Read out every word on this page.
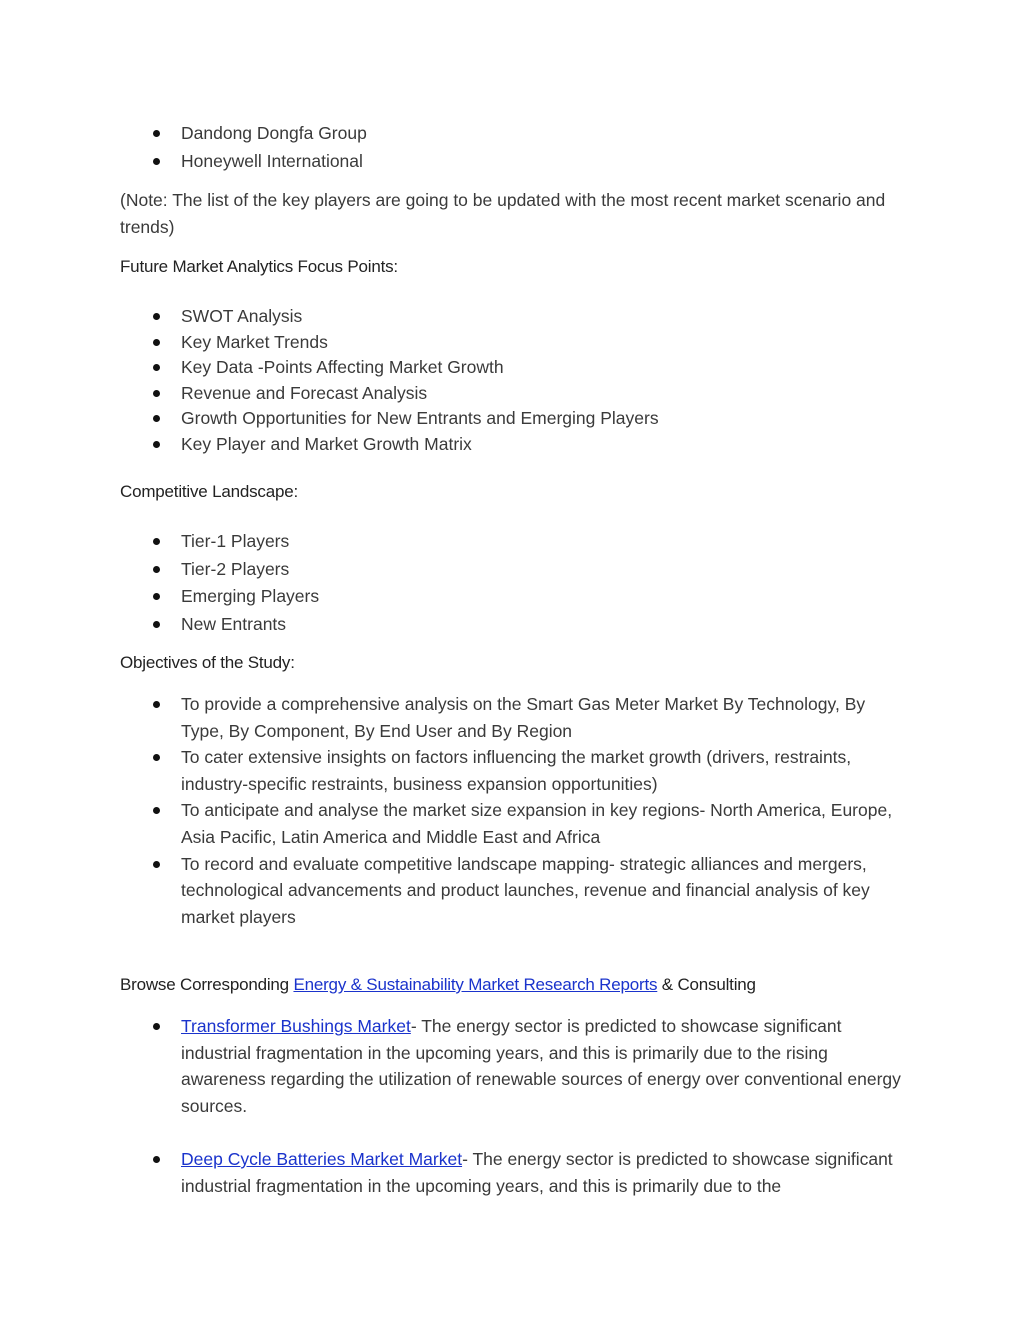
Dandong Dongfa Group
Honeywell International
(Note: The list of the key players are going to be updated with the most recent market scenario and trends)
Future Market Analytics Focus Points:
SWOT Analysis
Key Market Trends
Key Data -Points Affecting Market Growth
Revenue and Forecast Analysis
Growth Opportunities for New Entrants and Emerging Players
Key Player and Market Growth Matrix
Competitive Landscape:
Tier-1 Players
Tier-2 Players
Emerging Players
New Entrants
Objectives of the Study:
To provide a comprehensive analysis on the Smart Gas Meter Market By Technology, By Type, By Component, By End User and By Region
To cater extensive insights on factors influencing the market growth (drivers, restraints, industry-specific restraints, business expansion opportunities)
To anticipate and analyse the market size expansion in key regions- North America, Europe, Asia Pacific, Latin America and Middle East and Africa
To record and evaluate competitive landscape mapping- strategic alliances and mergers, technological advancements and product launches, revenue and financial analysis of key market players
Browse Corresponding Energy & Sustainability Market Research Reports & Consulting
Transformer Bushings Market- The energy sector is predicted to showcase significant industrial fragmentation in the upcoming years, and this is primarily due to the rising awareness regarding the utilization of renewable sources of energy over conventional energy sources.
Deep Cycle Batteries Market Market- The energy sector is predicted to showcase significant industrial fragmentation in the upcoming years, and this is primarily due to the
